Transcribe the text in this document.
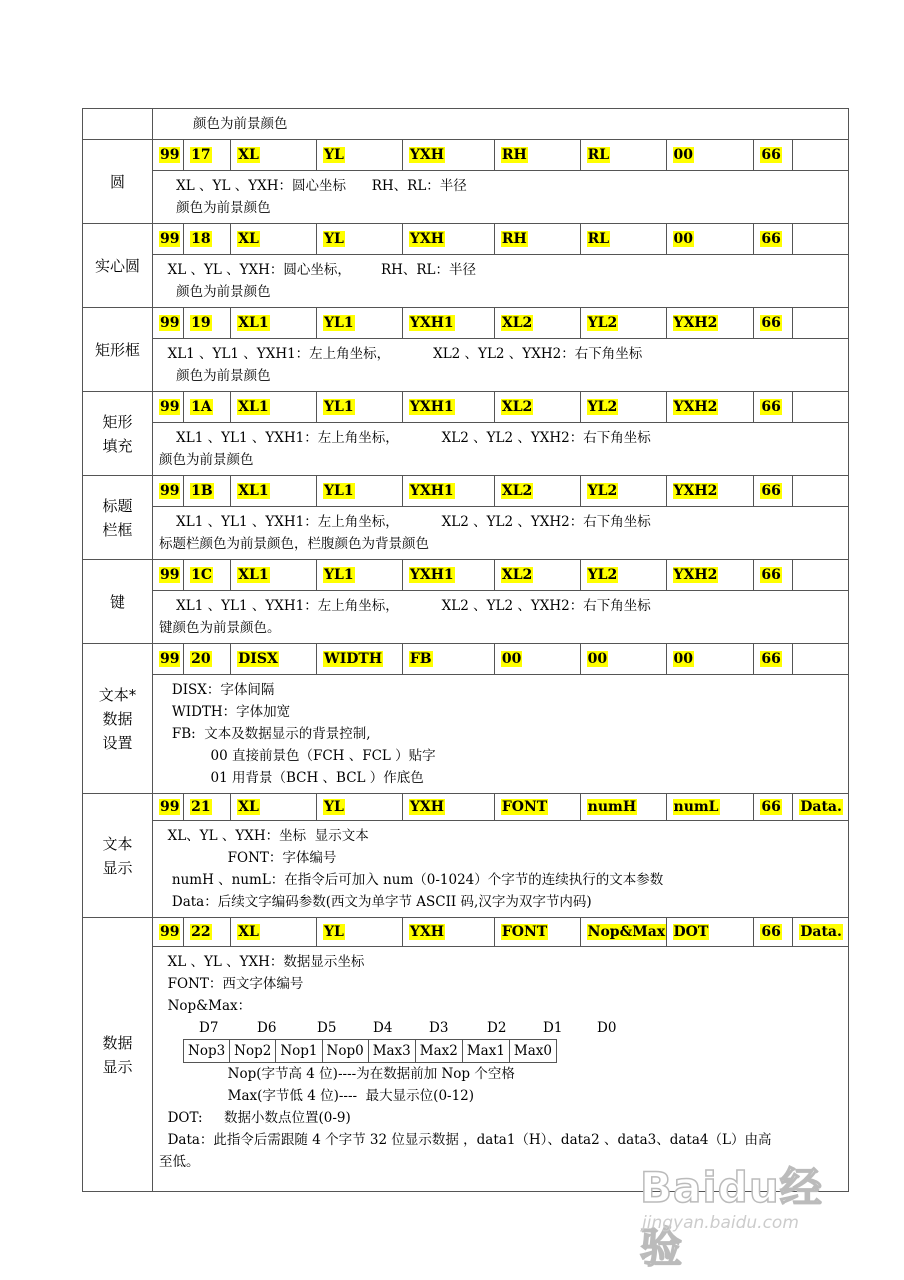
颜色为前景颜色

圆	
99	17	XL	YL	YXH	RH	RL	00	66	

XL 、YL 、YXH：圆心坐标      RH、RL：半径
颜色为前景颜色

实心圆	
99	18	XL	YL	YXH	RH	RL	00	66	

XL 、YL 、YXH：圆心坐标，       RH、RL：半径
颜色为前景颜色

矩形框	
99	19	XL1	YL1	YXH1	XL2	YL2	YXH2	66	

XL1 、YL1 、YXH1：左上角坐标，          XL2 、YL2 、YXH2：右下角坐标
颜色为前景颜色

矩形
填充	
99	1A	XL1	YL1	YXH1	XL2	YL2	YXH2	66	

XL1 、YL1 、YXH1：左上角坐标，          XL2 、YL2 、YXH2：右下角坐标
颜色为前景颜色

标题
栏框	
99	1B	XL1	YL1	YXH1	XL2	YL2	YXH2	66	

XL1 、YL1 、YXH1：左上角坐标，          XL2 、YL2 、YXH2：右下角坐标
标题栏颜色为前景颜色，栏腹颜色为背景颜色

键	
99	1C	XL1	YL1	YXH1	XL2	YL2	YXH2	66	

XL1 、YL1 、YXH1：左上角坐标，          XL2 、YL2 、YXH2：右下角坐标
键颜色为前景颜色。

文本*
数据
设置	
99	20	DISX	WIDTH	FB	00	00	00	66	

DISX：字体间隔
WIDTH：字体加宽
FB:  文本及数据显示的背景控制,
00 直接前景色（FCH 、FCL ）贴字
01 用背景（BCH 、BCL ）作底色

文本
显示	
99	21	XL	YL	YXH	FONT	numH	numL	66	Data.

XL、YL 、YXH：坐标  显示文本
FONT：字体编号
numH 、numL：在指令后可加入 num（0-1024）个字节的连续执行的文本参数
Data：后续文字编码参数(西文为单字节 ASCII 码,汉字为双字节内码)

数据
显示	
99	22	XL	YL	YXH	FONT	Nop&Max	DOT	66	Data.

XL 、YL 、YXH：数据显示坐标
FONT：西文字体编号
Nop&Max：
D7	D6	D5	D4	D3	D2	D1	D0
Nop3	Nop2	Nop1	Nop0	Max3	Max2	Max1	Max0
Nop(字节高 4 位)----为在数据前加 Nop 个空格
Max(字节低 4 位)----  最大显示位(0-12)
DOT:     数据小数点位置(0-9)
Data：此指令后需跟随 4 个字节 32 位显示数据 ，data1（H）、data2 、data3、data4（L）由高
至低。
Baidu经验
jingyan.baidu.com
